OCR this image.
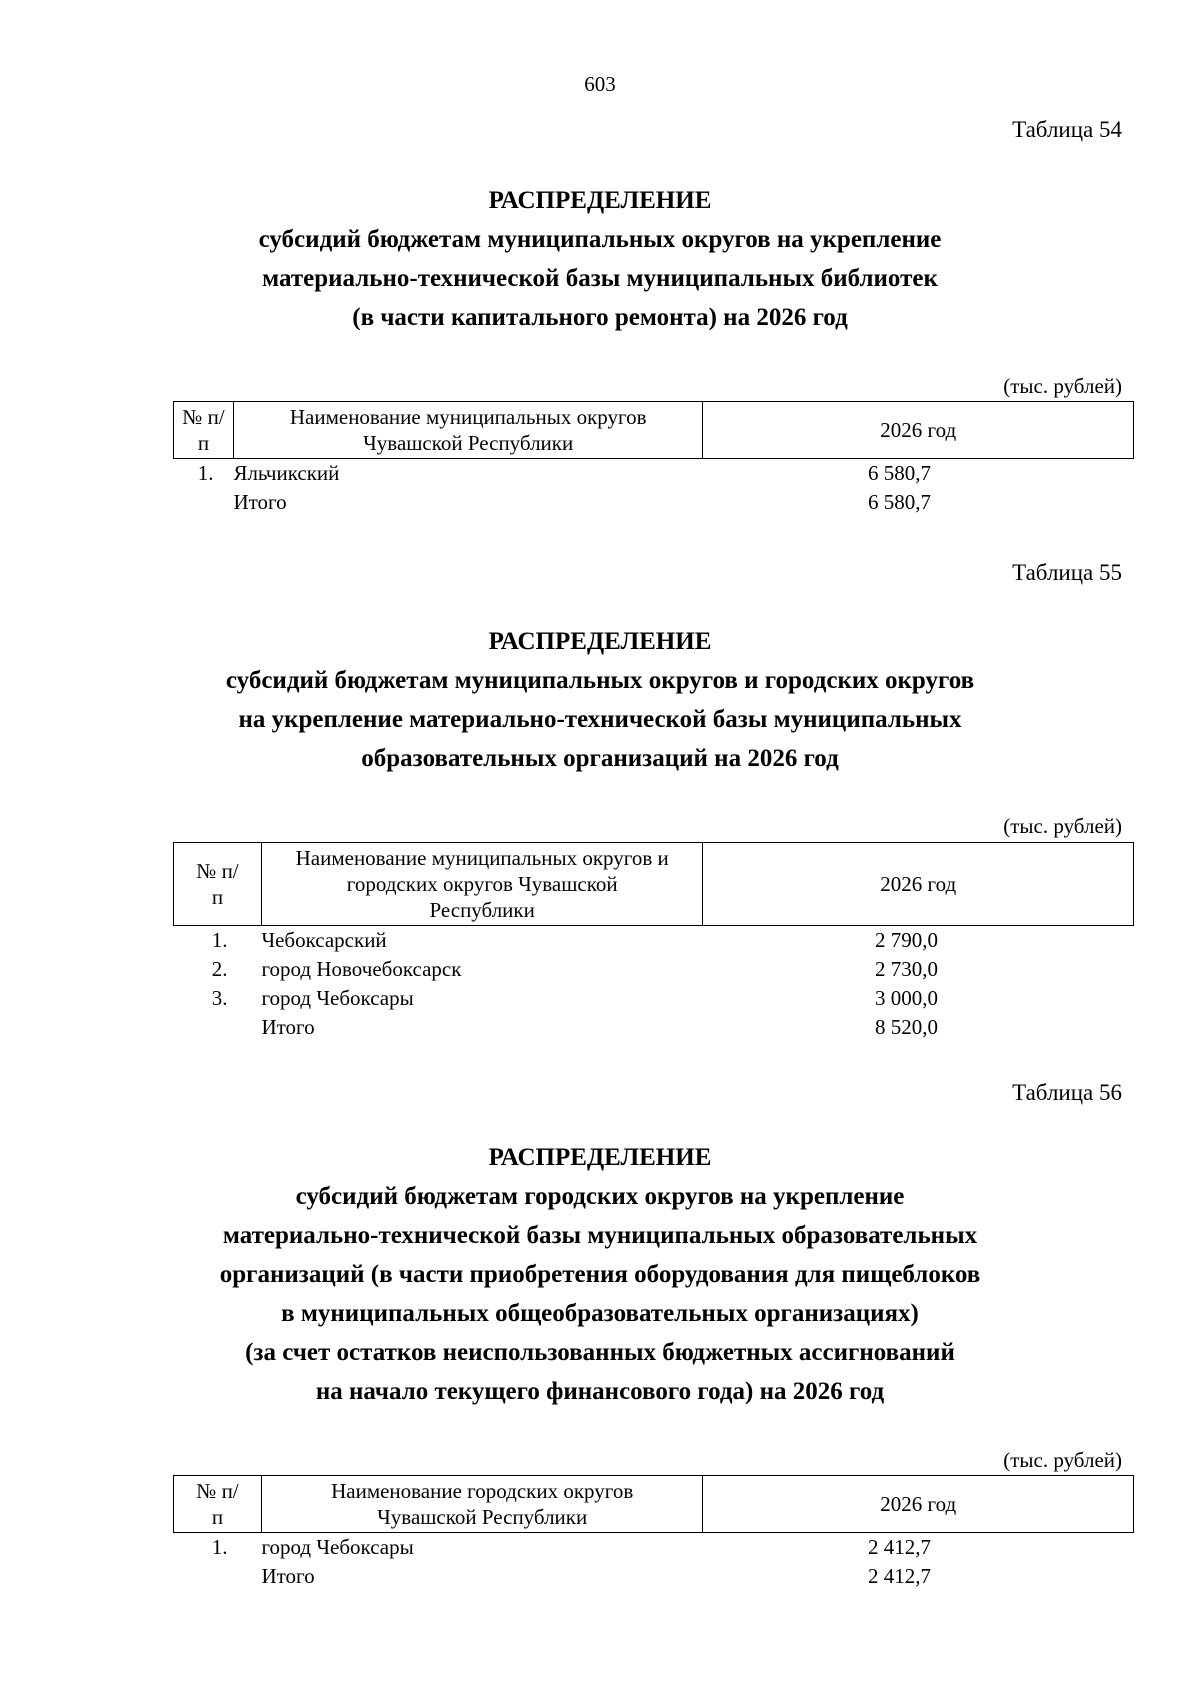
603
Таблица 54
РАСПРЕДЕЛЕНИЕ
субсидий бюджетам муниципальных округов на укрепление
материально-технической базы муниципальных библиотек
(в части капитального ремонта) на 2026 год
(тыс. рублей)
№ п/п	Наименование муниципальных округов Чувашской Республики	2026 год
1.	Яльчикский	6 580,7
	Итого	6 580,7
Таблица 55
РАСПРЕДЕЛЕНИЕ
субсидий бюджетам муниципальных округов и городских округов
на укрепление материально-технической базы муниципальных
образовательных организаций на 2026 год
(тыс. рублей)
№ п/п	Наименование муниципальных округов и городских округов Чувашской Республики	2026 год
1.	Чебоксарский	2 790,0
2.	город Новочебоксарск	2 730,0
3.	город Чебоксары	3 000,0
	Итого	8 520,0
Таблица 56
РАСПРЕДЕЛЕНИЕ
субсидий бюджетам городских округов на укрепление
материально-технической базы муниципальных образовательных
организаций (в части приобретения оборудования для пищеблоков
в муниципальных общеобразовательных организациях)
(за счет остатков неиспользованных бюджетных ассигнований
на начало текущего финансового года) на 2026 год
(тыс. рублей)
№ п/п	Наименование городских округов Чувашской Республики	2026 год
1.	город Чебоксары	2 412,7
	Итого	2 412,7
